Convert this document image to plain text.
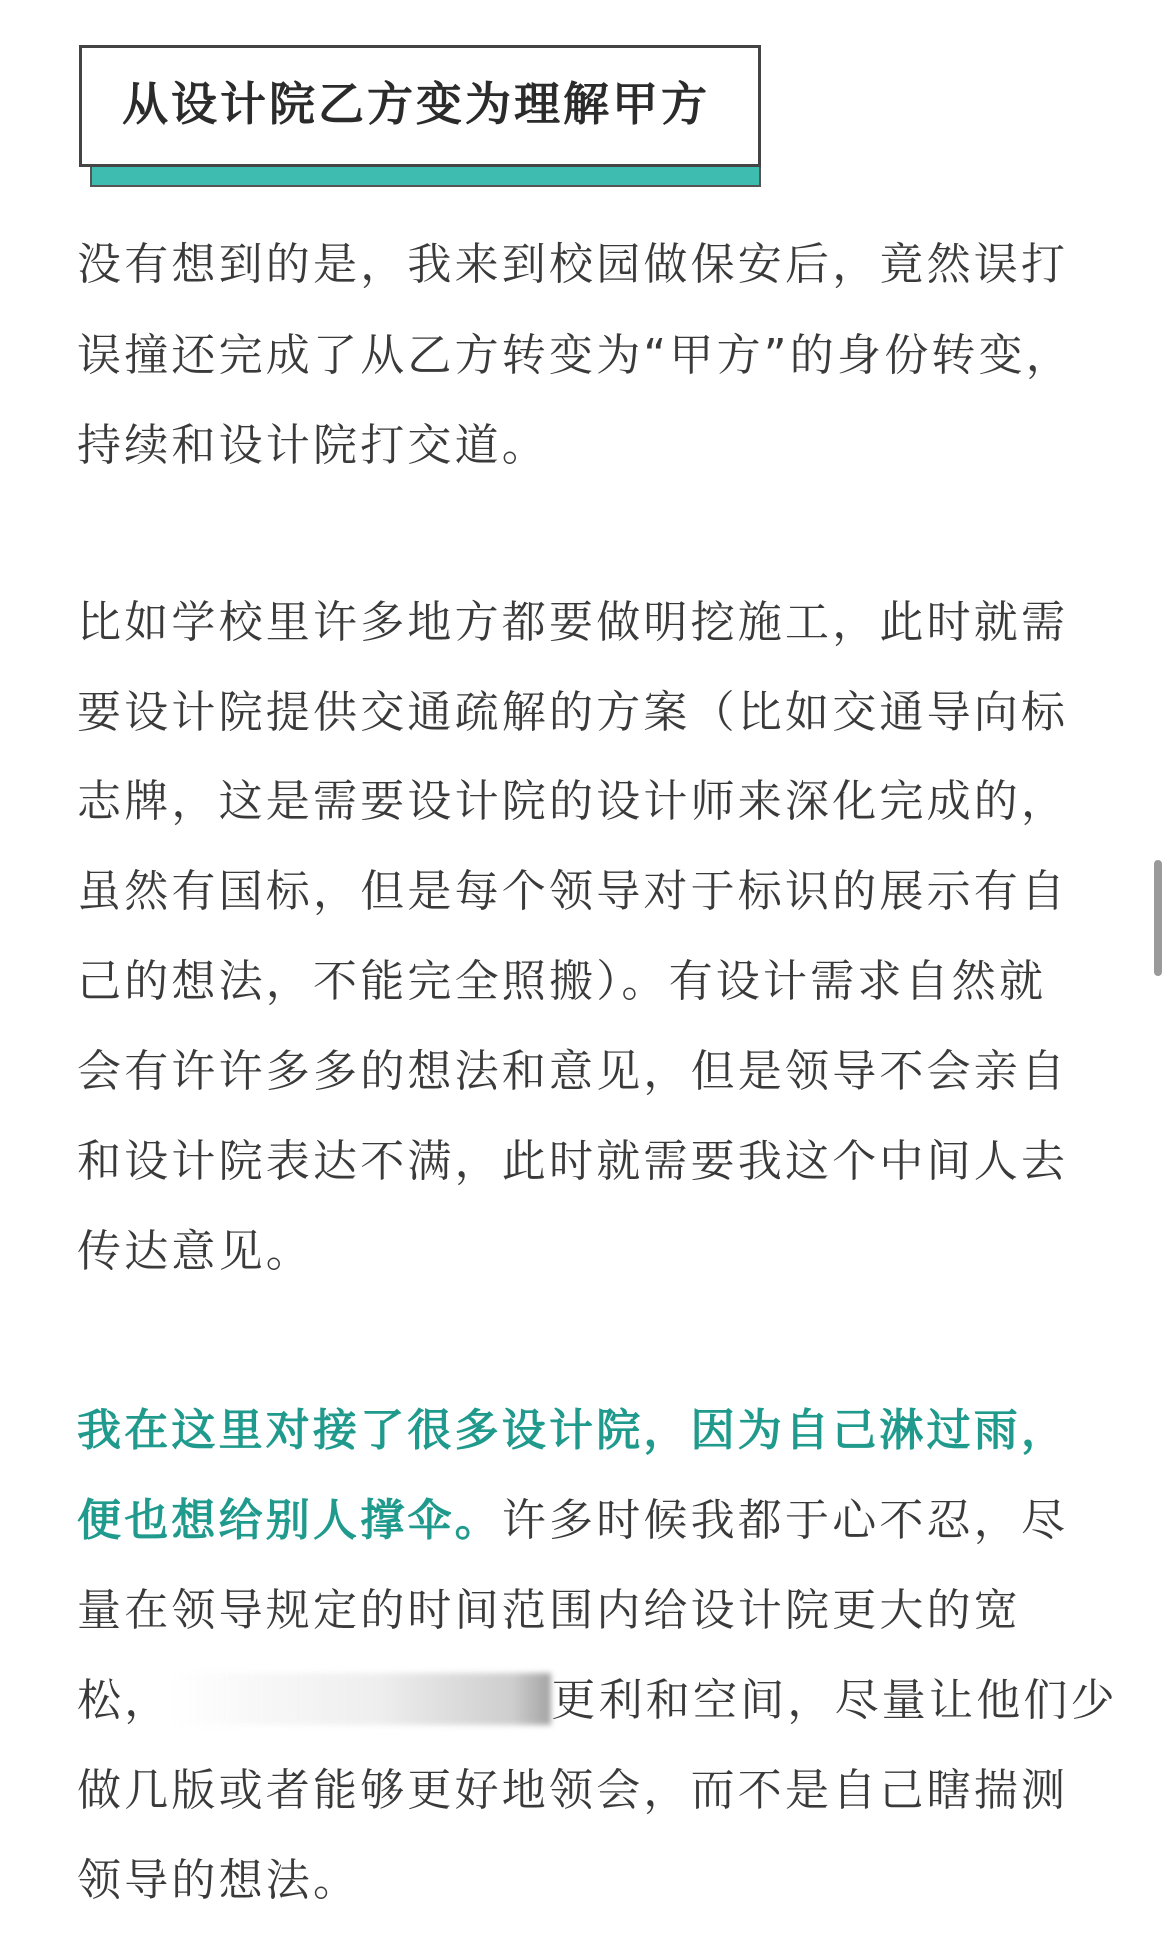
从设计院乙方变为理解甲方
没有想到的是，我来到校园做保安后，竟然误打
误撞还完成了从乙方转变为“甲方”的身份转变，
持续和设计院打交道。
比如学校里许多地方都要做明挖施工，此时就需
要设计院提供交通疏解的方案（比如交通导向标
志牌，这是需要设计院的设计师来深化完成的，
虽然有国标，但是每个领导对于标识的展示有自
己的想法，不能完全照搬）。有设计需求自然就
会有许许多多的想法和意见，但是领导不会亲自
和设计院表达不满，此时就需要我这个中间人去
传达意见。
我在这里对接了很多设计院，因为自己淋过雨，
便也想给别人撑伞。许多时候我都于心不忍，尽
量在领导规定的时间范围内给设计院更大的宽
松，	更利和空间，尽量让他们少
做几版或者能够更好地领会，而不是自己瞎揣测
领导的想法。
